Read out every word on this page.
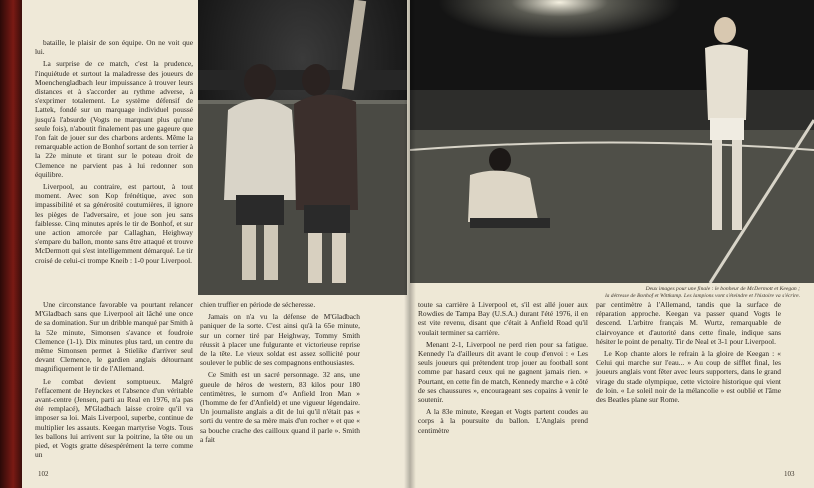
bataille, le plaisir de son équipe. On ne voit que lui.

La surprise de ce match, c'est la prudence, l'inquiétude et surtout la maladresse des joueurs de Moenchengladbach leur impuissance à trouver leurs distances et à s'accorder au rythme adverse, à s'exprimer totalement. Le système défensif de Lattek, fondé sur un marquage individuel poussé jusqu'à l'absurde (Vogts ne marquant plus qu'une seule fois), n'aboutit finalement pas une gageure que l'on fait de jouer sur des charbons ardents. Même la remarquable action de Bonhof sortant de son terrier à la 22e minute et tirant sur le poteau droit de Clemence ne parvient pas à lui redonner son équilibre.

Liverpool, au contraire, est partout, à tout moment. Avec son Kop frénétique, avec son impassibilité et sa générosité coutumières, il ignore les pièges de l'adversaire, et joue son jeu sans faiblesse. Cinq minutes après le tir de Bonhof, et sur une action amorcée par Callaghan, Heighway s'empare du ballon, monte sans être attaqué et trouve McDermott qui s'est intelligemment démarqué. Le tir croisé de celui-ci trompe Kneib : 1-0 pour Liverpool.

Une circonstance favorable va pourtant relancer M'Gladbach sans que Liverpool ait lâché une once de sa domination. Sur un dribble manqué par Smith à la 52e minute, Simonsen s'avance et foudroie Clemence (1-1). Dix minutes plus tard, un centre du même Simonsen permet à Stielike d'arriver seul devant Clemence, le gardien anglais détournant magnifiquement le tir de l'Allemand.

Le combat devient somptueux. Malgré l'effacement de Heynckes et l'absence d'un véritable avant-centre (Jensen, parti au Real en 1976, n'a pas été remplacé), M'Gladbach laisse croire qu'il va imposer sa loi. Mais Liverpool, superbe, continue de multiplier les assauts. Keegan martyrise Vogts. Tous les ballons lui arrivent sur la poitrine, la tête ou un pied, et Vogts gratte désespérément la terre comme un

chien truffier en période de sécheresse.

Jamais on n'a vu la défense de M'Gladbach paniquer de la sorte. C'est ainsi qu'à la 65e minute, sur un corner tiré par Heighway, Tommy Smith réussit à placer une fulgurante et victorieuse reprise de la tête. Le vieux soldat est assez sollicité pour soulever le public de ses compagnons enthousiastes.

Ce Smith est un sacré personnage. 32 ans, une gueule de héros de western, 83 kilos pour 180 centimètres, le surnom d'« Anfield Iron Man » (l'homme de fer d'Anfield) et une vigueur légendaire. Un journaliste anglais a dit de lui qu'il n'était pas « sorti du ventre de sa mère mais d'un rocher » et que « sa bouche crache des cailloux quand il parle ». Smith a fait

Deux images pour une finale : le bonheur de McDermott et Keegan ;
la détresse de Bonhof et Wittkamp. Les lampions vont s'éteindre et l'histoire va s'écrire.

toute sa carrière à Liverpool et, s'il est allé jouer aux Rowdies de Tampa Bay (U.S.A.) durant l'été 1976, il en est vite revenu, disant que c'était à Anfield Road qu'il voulait terminer sa carrière.

Menant 2-1, Liverpool ne perd rien pour sa fatigue. Kennedy l'a d'ailleurs dit avant le coup d'envoi : « Les seuls joueurs qui prétendent trop jouer au football sont comme par hasard ceux qui ne gagnent jamais rien. » Pourtant, en cette fin de match, Kennedy marche « à côté de ses chaussures », encourageant ses copains à venir le soutenir.

A la 83e minute, Keegan et Vogts partent coudes au corps à la poursuite du ballon. L'Anglais prend centimètre

par centimètre à l'Allemand, tandis que la surface de réparation approche. Keegan va passer quand Vogts le descend. L'arbitre français M. Wurtz, remarquable de clairvoyance et d'autorité dans cette finale, indique sans hésiter le point de penalty. Tir de Neal et 3-1 pour Liverpool.

Le Kop chante alors le refrain à la gloire de Keegan : « Celui qui marche sur l'eau... » Au coup de sifflet final, les joueurs anglais vont fêter avec leurs supporters, dans le grand virage du stade olympique, cette victoire historique qui vient de loin. « Le soleil noir de la mélancolie » est oublié et l'âme des Beatles plane sur Rome.

102	103
